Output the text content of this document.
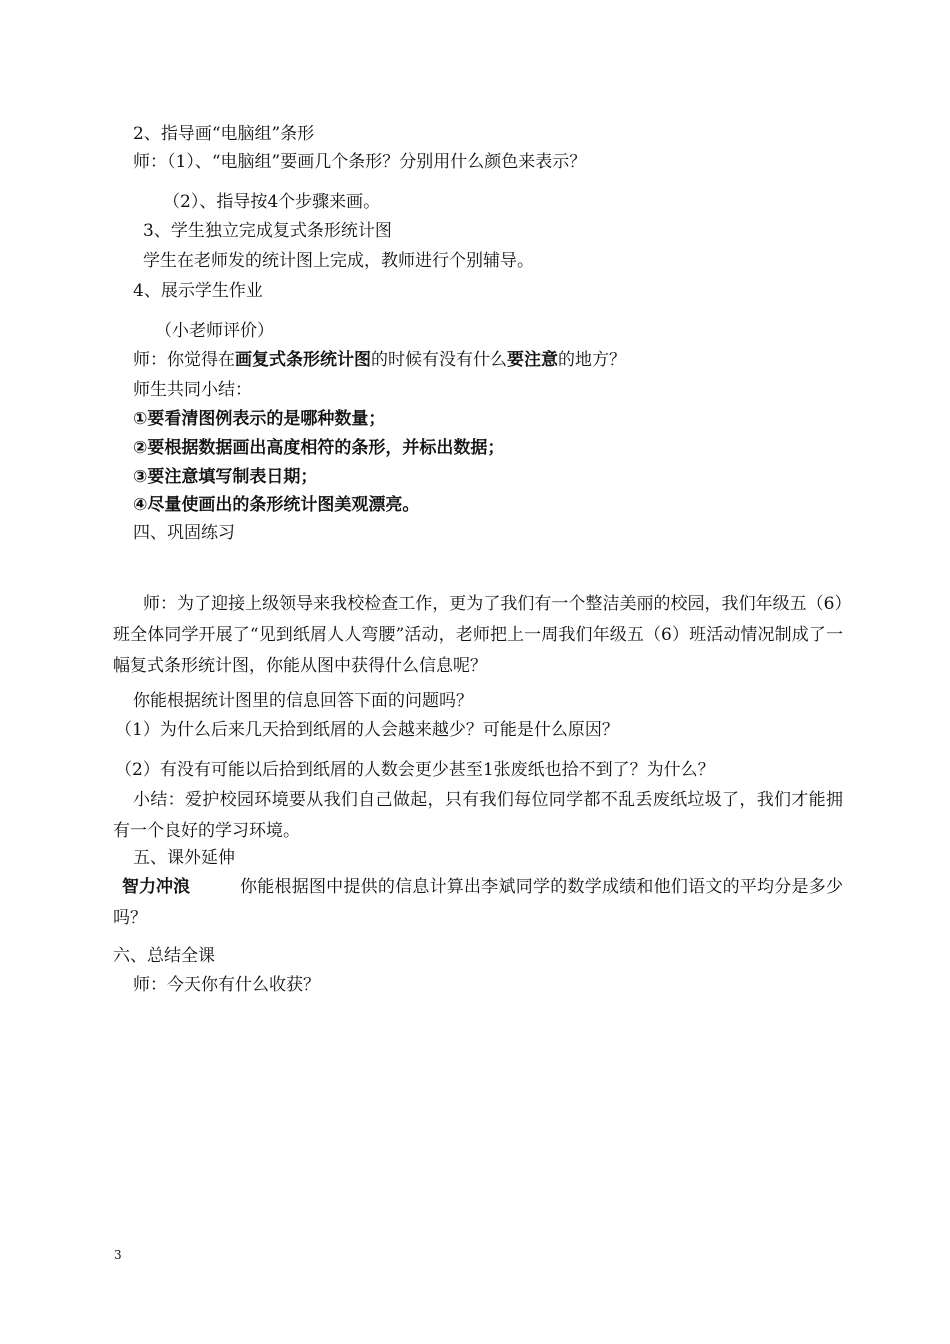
2、指导画“电脑组”条形
师：（1）、“电脑组”要画几个条形？分别用什么颜色来表示？
（2）、指导按4个步骤来画。
3、学生独立完成复式条形统计图
学生在老师发的统计图上完成，教师进行个别辅导。
4、展示学生作业
（小老师评价）
师：你觉得在画复式条形统计图的时候有没有什么要注意的地方？
师生共同小结：
①要看清图例表示的是哪种数量；
②要根据数据画出高度相符的条形，并标出数据；
③要注意填写制表日期；
④尽量使画出的条形统计图美观漂亮。
四、巩固练习
师：为了迎接上级领导来我校检查工作，更为了我们有一个整洁美丽的校园，我们年级五（6）班全体同学开展了“见到纸屑人人弯腰”活动，老师把上一周我们年级五（6）班活动情况制成了一幅复式条形统计图，你能从图中获得什么信息呢？
你能根据统计图里的信息回答下面的问题吗？
（1）为什么后来几天拾到纸屑的人会越来越少？可能是什么原因？
（2）有没有可能以后拾到纸屑的人数会更少甚至1张废纸也拾不到了？为什么？
小结：爱护校园环境要从我们自己做起，只有我们每位同学都不乱丢废纸垃圾了，我们才能拥有一个良好的学习环境。
五、课外延伸
智力冲浪	你能根据图中提供的信息计算出李斌同学的数学成绩和他们语文的平均分是多少吗？
六、总结全课
师：今天你有什么收获？
3
